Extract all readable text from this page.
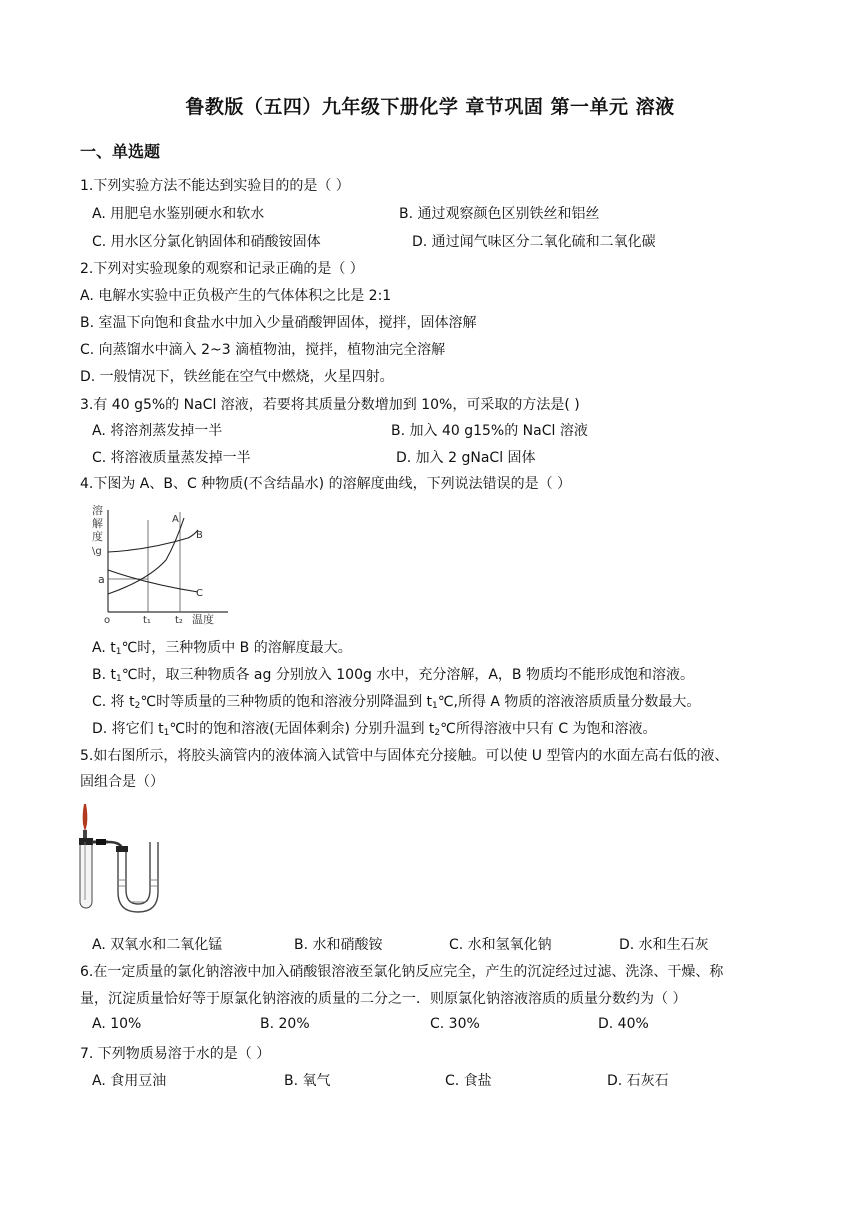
鲁教版（五四）九年级下册化学 章节巩固 第一单元 溶液
一、单选题
1.下列实验方法不能达到实验目的的是（ ）
A. 用肥皂水鉴别硬水和软水	B. 通过观察颜色区别铁丝和铝丝
C. 用水区分氯化钠固体和硝酸铵固体	D. 通过闻气味区分二氧化硫和二氧化碳
2.下列对实验现象的观察和记录正确的是（ ）
A. 电解水实验中正负极产生的气体体积之比是 2:1
B. 室温下向饱和食盐水中加入少量硝酸钾固体，搅拌，固体溶解
C. 向蒸馏水中滴入 2~3 滴植物油，搅拌，植物油完全溶解
D. 一般情况下，铁丝能在空气中燃烧，火星四射。
3.有 40 g5%的 NaCl 溶液，若要将其质量分数增加到 10%，可采取的方法是( )
A. 将溶剂蒸发掉一半	B. 加入 40 g15%的 NaCl 溶液
C. 将溶液质量蒸发掉一半	D. 加入 2 gNaCl 固体
4.下图为 A、B、C 种物质(不含结晶水) 的溶解度曲线，下列说法错误的是（ ）
溶
解
度
\g
a
o	t₁ t₂ 温度
A
B
C
A. $t_1℃$时，三种物质中 B 的溶解度最大。
B. $t_1℃$时，取三种物质各 ag 分别放入 100g 水中，充分溶解，A，B 物质均不能形成饱和溶液。
C. 将 $t_2℃$时等质量的三种物质的饱和溶液分别降温到 $t_1℃$,所得 A 物质的溶液溶质质量分数最大。
D. 将它们 $t_1℃$时的饱和溶液(无固体剩余) 分别升温到 $t_2℃$所得溶液中只有 C 为饱和溶液。
5.如右图所示，将胶头滴管内的液体滴入试管中与固体充分接触。可以使 U 型管内的水面左高右低的液、
固组合是（）
A. 双氧水和二氧化锰	B. 水和硝酸铵	C. 水和氢氧化钠	D. 水和生石灰
6.在一定质量的氯化钠溶液中加入硝酸银溶液至氯化钠反应完全，产生的沉淀经过过滤、洗涤、干燥、称
量，沉淀质量恰好等于原氯化钠溶液的质量的二分之一．则原氯化钠溶液溶质的质量分数约为（ ）
A. 10%	B. 20%	C. 30%	D. 40%
7. 下列物质易溶于水的是（ ）
A. 食用豆油	B. 氧气	C. 食盐	D. 石灰石
